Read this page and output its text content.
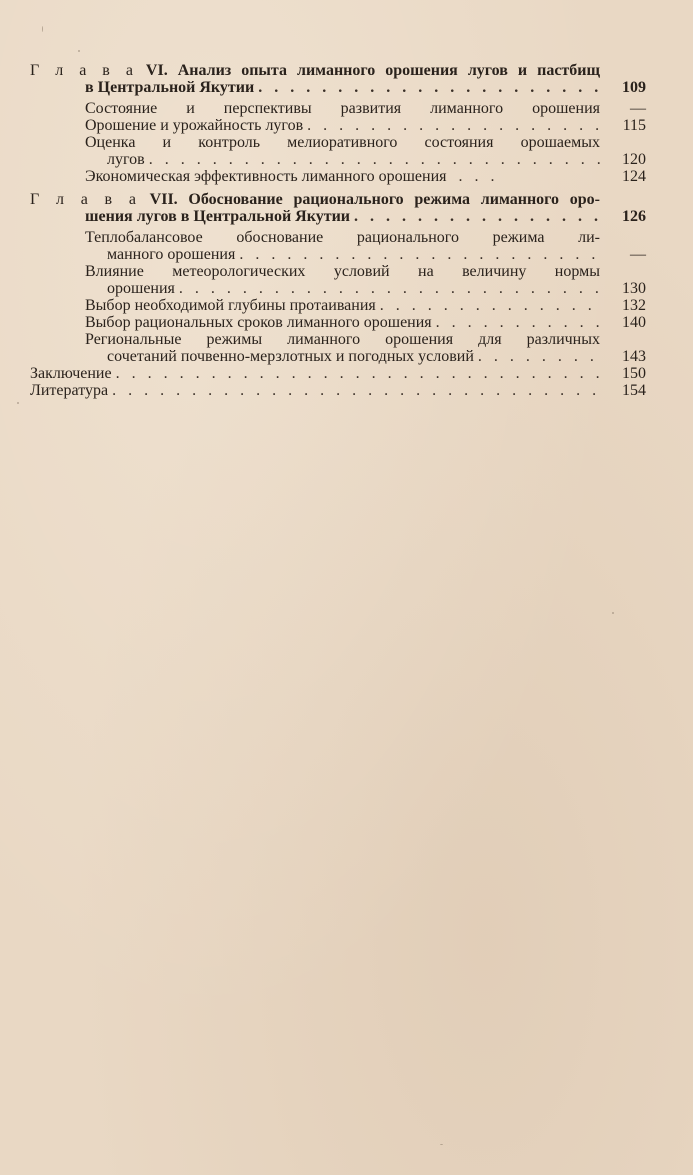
Г л а в а VI. Анализ опыта лиманного орошения лугов и пастбищ
в Центральной Якутии . . .	109
Состояние и перспективы развития лиманного орошения	—
Орошение и урожайность лугов . . .	115
Оценка и контроль мелиоративного состояния орошаемых
лугов . . .	120
Экономическая эффективность лиманного орошения . . .	124
Г л а в а VII. Обоснование рационального режима лиманного оро-
шения лугов в Центральной Якутии . . .	126
Теплобалансовое обоснование рационального режима ли-
манного орошения . . .	—
Влияние метеорологических условий на величину нормы
орошения . . .	130
Выбор необходимой глубины протаивания . . .	132
Выбор рациональных сроков лиманного орошения . . .	140
Региональные режимы лиманного орошения для различных
сочетаний почвенно-мерзлотных и погодных условий . . .	143
Заключение . . .	150
Литература . . .	154
